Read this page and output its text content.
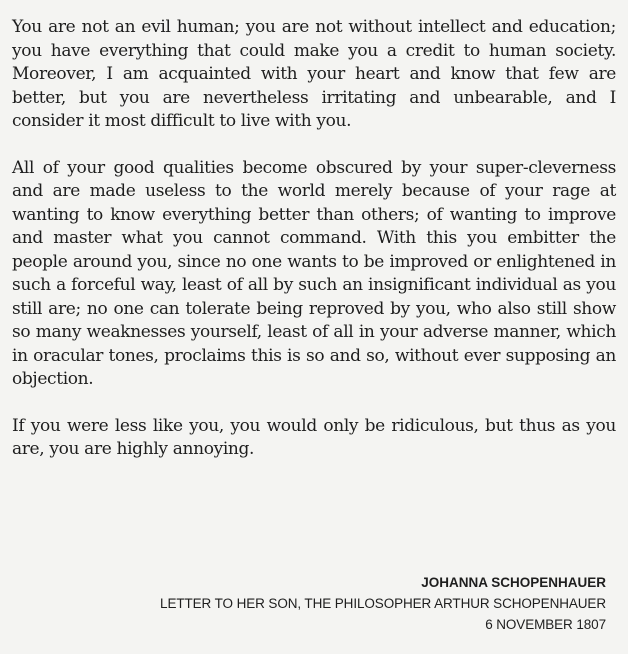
You are not an evil human; you are not without intellect and education; you have everything that could make you a credit to human society. Moreover, I am acquainted with your heart and know that few are better, but you are nevertheless irritating and unbearable, and I consider it most difficult to live with you.

All of your good qualities become obscured by your super-cleverness and are made useless to the world merely because of your rage at wanting to know everything better than others; of wanting to improve and master what you cannot command. With this you embitter the people around you, since no one wants to be improved or enlightened in such a forceful way, least of all by such an insignificant individual as you still are; no one can tolerate being reproved by you, who also still show so many weaknesses yourself, least of all in your adverse manner, which in oracular tones, proclaims this is so and so, without ever supposing an objection.

If you were less like you, you would only be ridiculous, but thus as you are, you are highly annoying.

JOHANNA SCHOPENHAUER
LETTER TO HER SON, THE PHILOSOPHER ARTHUR SCHOPENHAUER
6 NOVEMBER 1807
